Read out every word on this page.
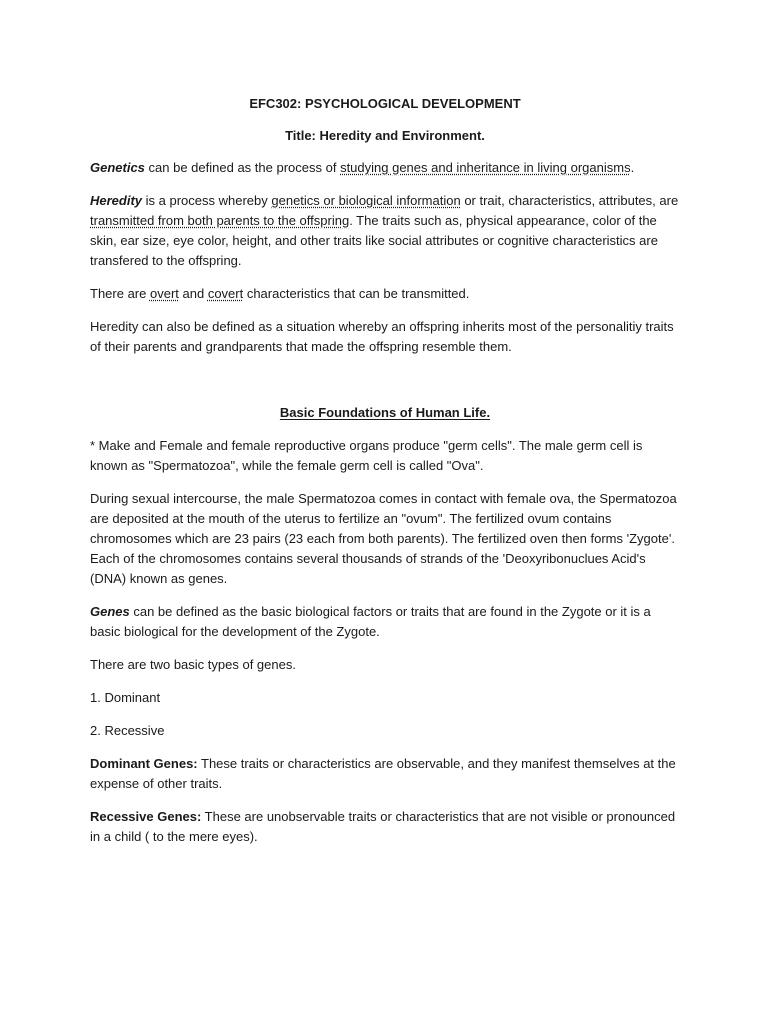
EFC302: PSYCHOLOGICAL DEVELOPMENT
Title: Heredity and Environment.

Genetics can be defined as the process of studying genes and inheritance in living organisms.

Heredity is a process whereby genetics or biological information or trait, characteristics, attributes, are transmitted from both parents to the offspring. The traits such as, physical appearance, color of the skin, ear size, eye color, height, and other traits like social attributes or cognitive characteristics are transfered to the offspring.

There are overt and covert characteristics that can be transmitted.

Heredity can also be defined as a situation whereby an offspring inherits most of the personalitiy traits of their parents and grandparents that made the offspring resemble them.

Basic Foundations of Human Life.

* Make and Female and female reproductive organs produce "germ cells". The male germ cell is known as "Spermatozoa", while the female germ cell is called "Ova".

During sexual intercourse, the male Spermatozoa comes in contact with female ova, the Spermatozoa are deposited at the mouth of the uterus to fertilize an "ovum". The fertilized ovum contains chromosomes which are 23 pairs (23 each from both parents). The fertilized oven then forms 'Zygote'. Each of the chromosomes contains several thousands of strands of the 'Deoxyribonuclues Acid's (DNA) known as genes.

Genes can be defined as the basic biological factors or traits that are found in the Zygote or it is a basic biological for the development of the Zygote.

There are two basic types of genes.

1. Dominant

2. Recessive

Dominant Genes: These traits or characteristics are observable, and they manifest themselves at the expense of other traits.

Recessive Genes: These are unobservable traits or characteristics that are not visible or pronounced in a child ( to the mere eyes).
